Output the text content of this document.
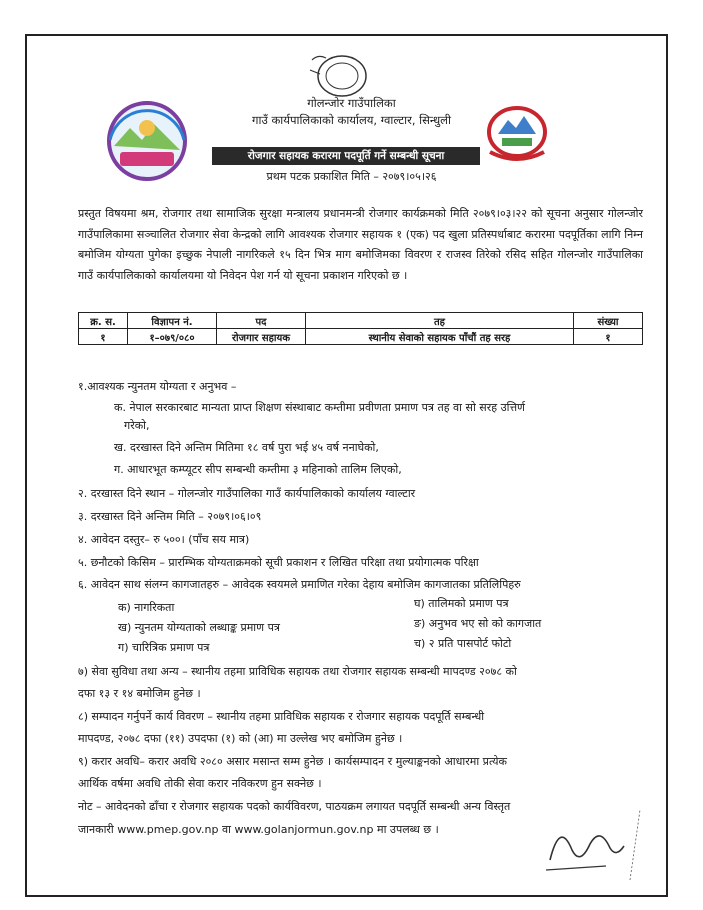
गोलन्जोर गाउँपालिका
गाउँ कार्यपालिकाको कार्यालय, ग्वाल्टार, सिन्धुली
रोजगार सहायक करारमा पदपूर्ति गर्ने सम्बन्धी सूचना
प्रथम पटक प्रकाशित मिति – २०७९।०५।२६
प्रस्तुत विषयमा श्रम, रोजगार तथा सामाजिक सुरक्षा मन्त्रालय प्रधानमन्त्री रोजगार कार्यक्रमको मिति २०७९।०३।२२ को सूचना अनुसार गोलन्जोर गाउँपालिकामा सञ्चालित रोजगार सेवा केन्द्रको लागि आवश्यक रोजगार सहायक १ (एक) पद खुला प्रतिस्पर्धाबाट करारमा पदपूर्तिका लागि निम्न बमोजिम योग्यता पुगेका इच्छुक नेपाली नागरिकले १५ दिन भित्र माग बमोजिमका विवरण र राजस्व तिरेको रसिद सहित गोलन्जोर गाउँपालिका गाउँ कार्यपालिकाको कार्यालयमा यो निवेदन पेश गर्न यो सूचना प्रकाशन गरिएको छ ।
क्र. स.	विज्ञापन नं.	पद	तह	संख्या
१	१–०७९/०८०	रोजगार सहायक	स्थानीय सेवाको सहायक पाँचौं तह सरह	१
१.आवश्यक न्युनतम योग्यता र अनुभव –
क. नेपाल सरकारबाट मान्यता प्राप्त शिक्षण संस्थाबाट कम्तीमा प्रवीणता प्रमाण पत्र तह वा सो सरह उत्तिर्ण
गरेको,
ख. दरखास्त दिने अन्तिम मितिमा १८ वर्ष पुरा भई ४५ वर्ष ननाघेको,
ग. आधारभूत कम्प्यूटर सीप सम्बन्धी कम्तीमा ३ महिनाको तालिम लिएको,
२. दरखास्त दिने स्थान – गोलन्जोर गाउँपालिका गाउँ कार्यपालिकाको कार्यालय ग्वाल्टार
३. दरखास्त दिने अन्तिम मिति – २०७९।०६।०९
४. आवेदन दस्तुर– रु ५००। (पाँच सय मात्र)
५. छनौटको किसिम – प्रारम्भिक योग्यताक्रमको सूची प्रकाशन र लिखित परिक्षा तथा प्रयोगात्मक परिक्षा
६. आवेदन साथ संलग्न कागजातहरु – आवेदक स्वयमले प्रमाणित गरेका देहाय बमोजिम कागजातका प्रतिलिपिहरु
क) नागरिकता	घ) तालिमको प्रमाण पत्र
ख) न्युनतम योग्यताको लब्धाङ्क प्रमाण पत्र	ङ) अनुभव भए सो को कागजात
ग) चारित्रिक प्रमाण पत्र	च) २ प्रति पासपोर्ट फोटो
७) सेवा सुविधा तथा अन्य – स्थानीय तहमा प्राविधिक सहायक तथा रोजगार सहायक सम्बन्धी मापदण्ड २०७८ को
दफा १३ र १४ बमोजिम हुनेछ ।
८) सम्पादन गर्नुपर्ने कार्य विवरण – स्थानीय तहमा प्राविधिक सहायक र रोजगार सहायक पदपूर्ति सम्बन्धी
मापदण्ड, २०७८ दफा (११) उपदफा (१) को (आ) मा उल्लेख भए बमोजिम हुनेछ ।
९) करार अवधि– करार अवधि २०८० असार मसान्त सम्म हुनेछ । कार्यसम्पादन र मुल्याङ्कनको आधारमा प्रत्येक
आर्थिक वर्षमा अवधि तोकी सेवा करार नविकरण हुन सक्नेछ ।
नोट – आवेदनको ढाँचा र रोजगार सहायक पदको कार्यविवरण, पाठयक्रम लगायत पदपूर्ति सम्बन्धी अन्य विस्तृत
जानकारी www.pmep.gov.np वा www.golanjormun.gov.np मा उपलब्ध छ ।
